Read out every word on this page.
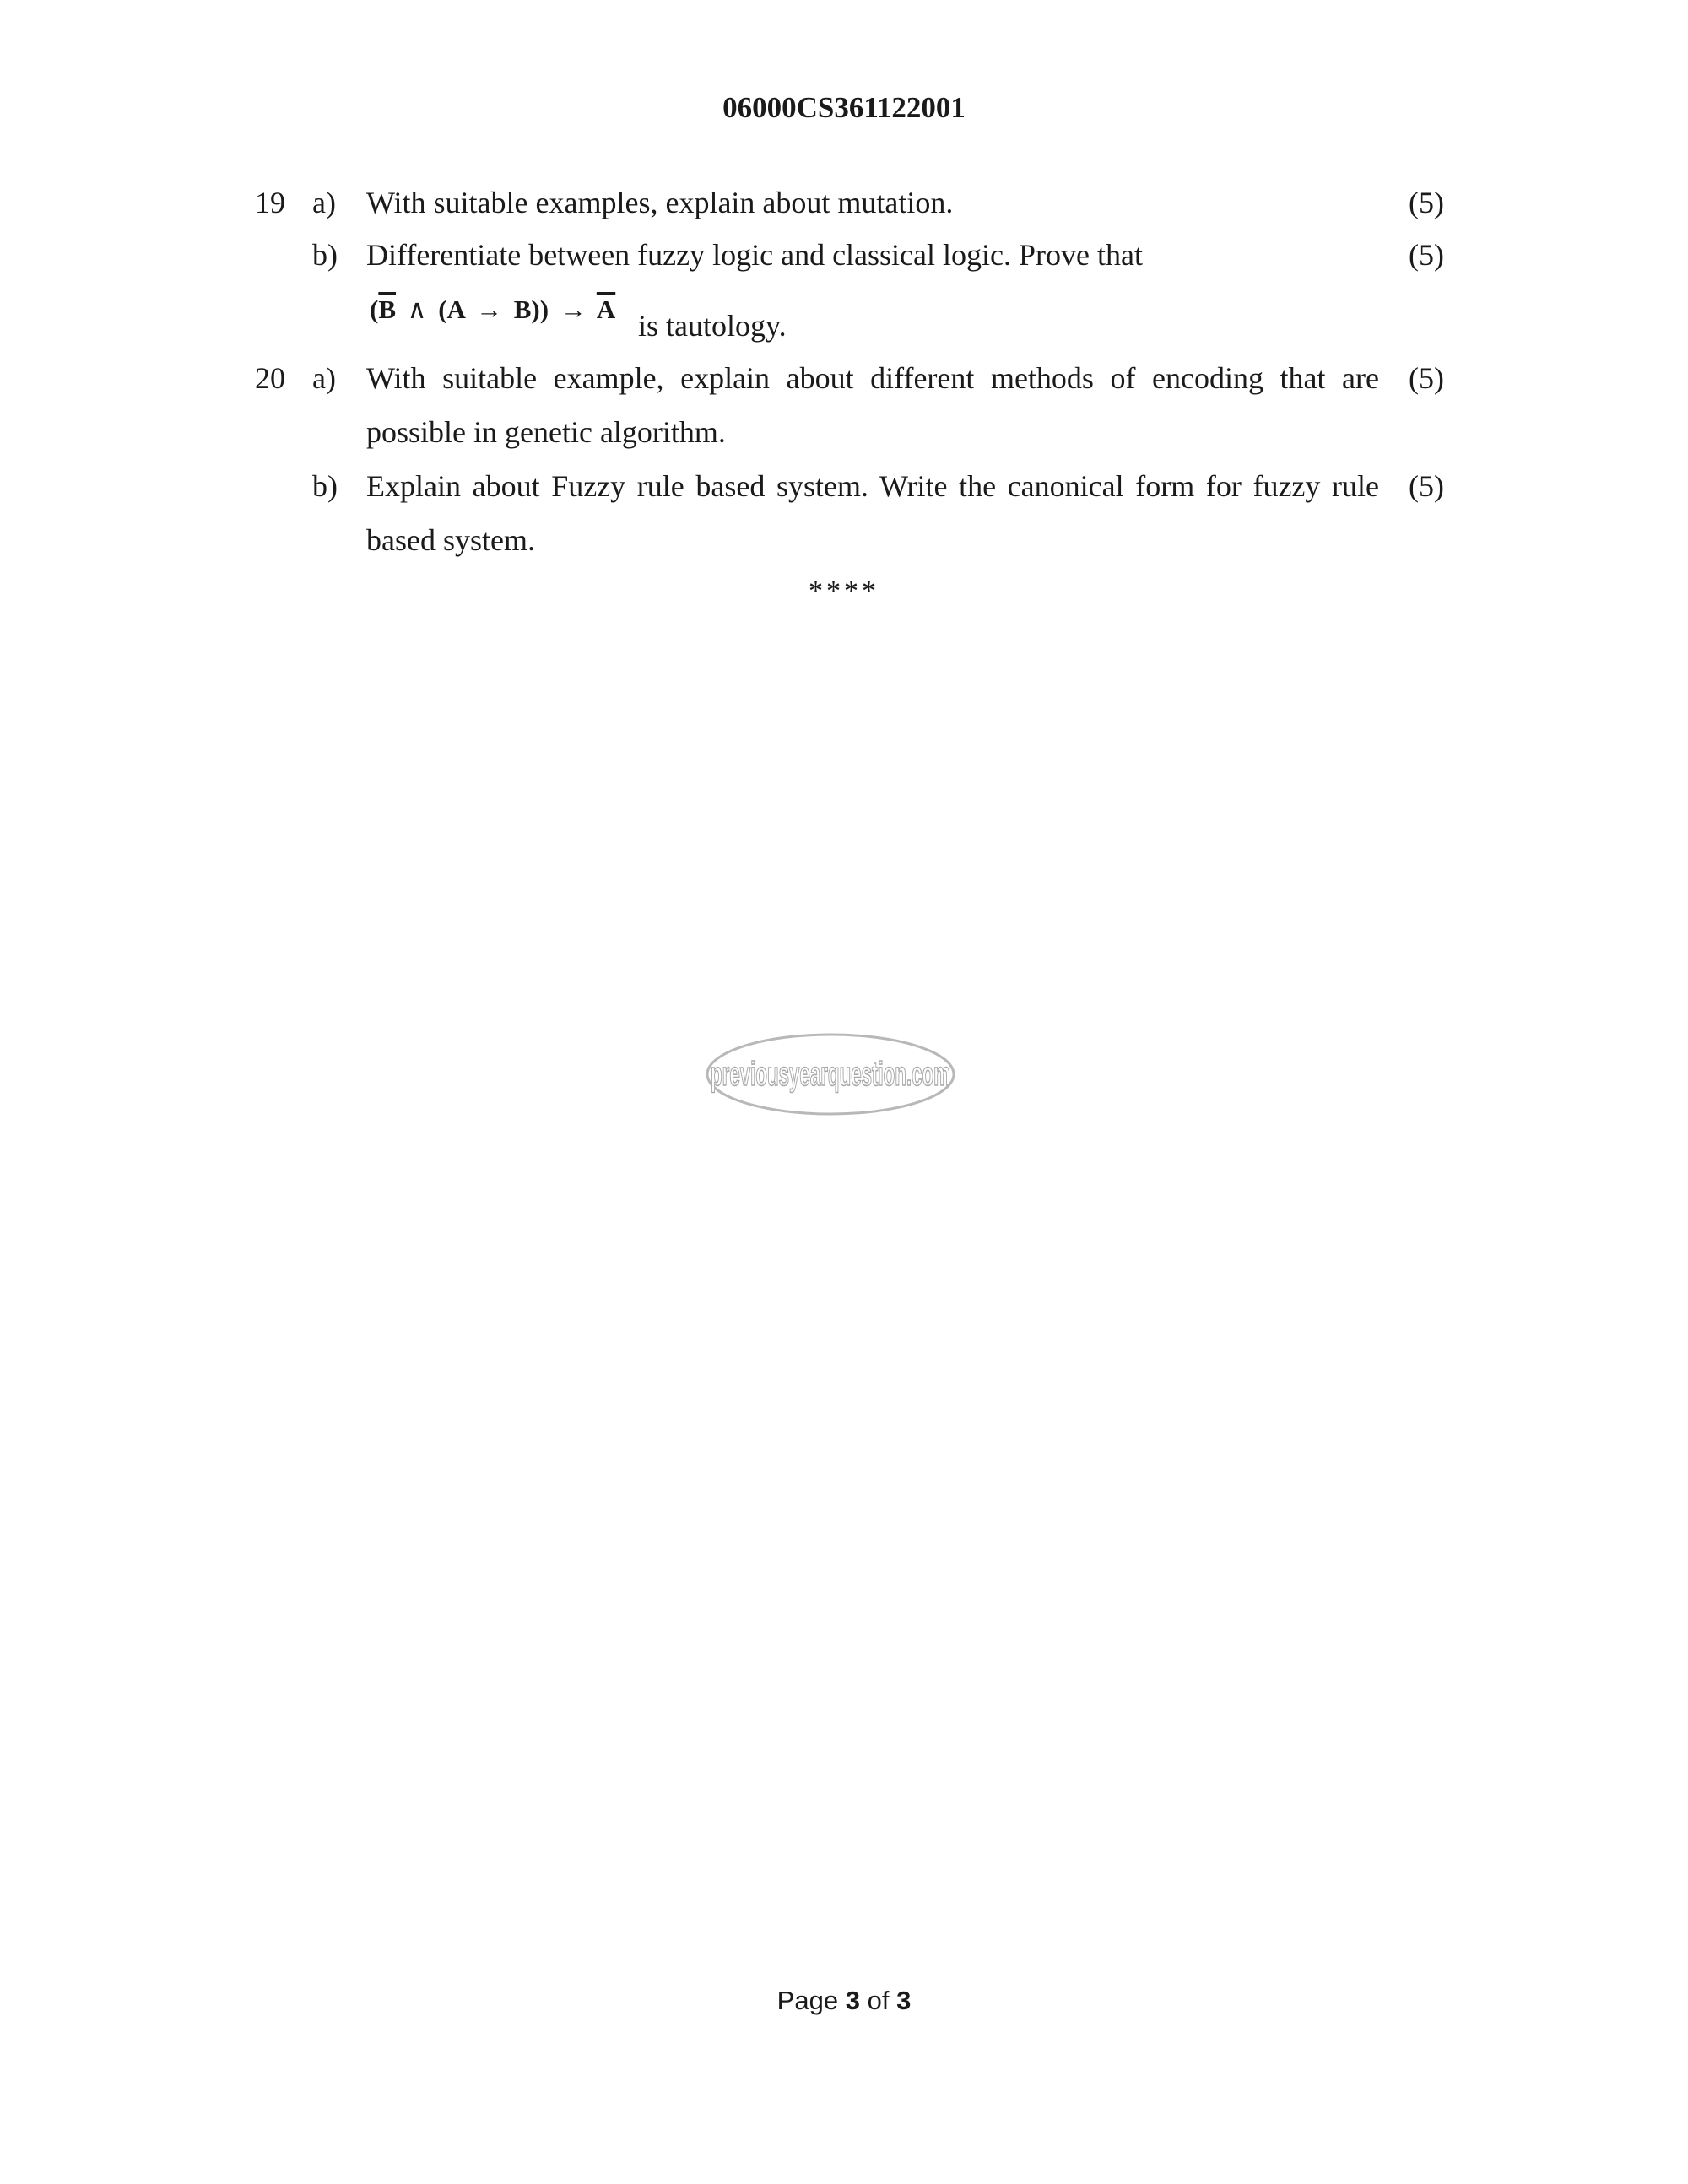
06000CS361122001
19 a)	With suitable examples, explain about mutation.	(5)
b) Differentiate between fuzzy logic and classical logic. Prove that	(5)
($\overline{B}$ ∧ $(A \to B)) \to \overline{A}$ is tautology.
20 a)	With suitable example, explain about different methods of encoding that are (5)
possible in genetic algorithm.
b) Explain about Fuzzy rule based system. Write the canonical form for fuzzy rule (5)
based system.
****
previousyearquestion.com
Page 3 of 3
